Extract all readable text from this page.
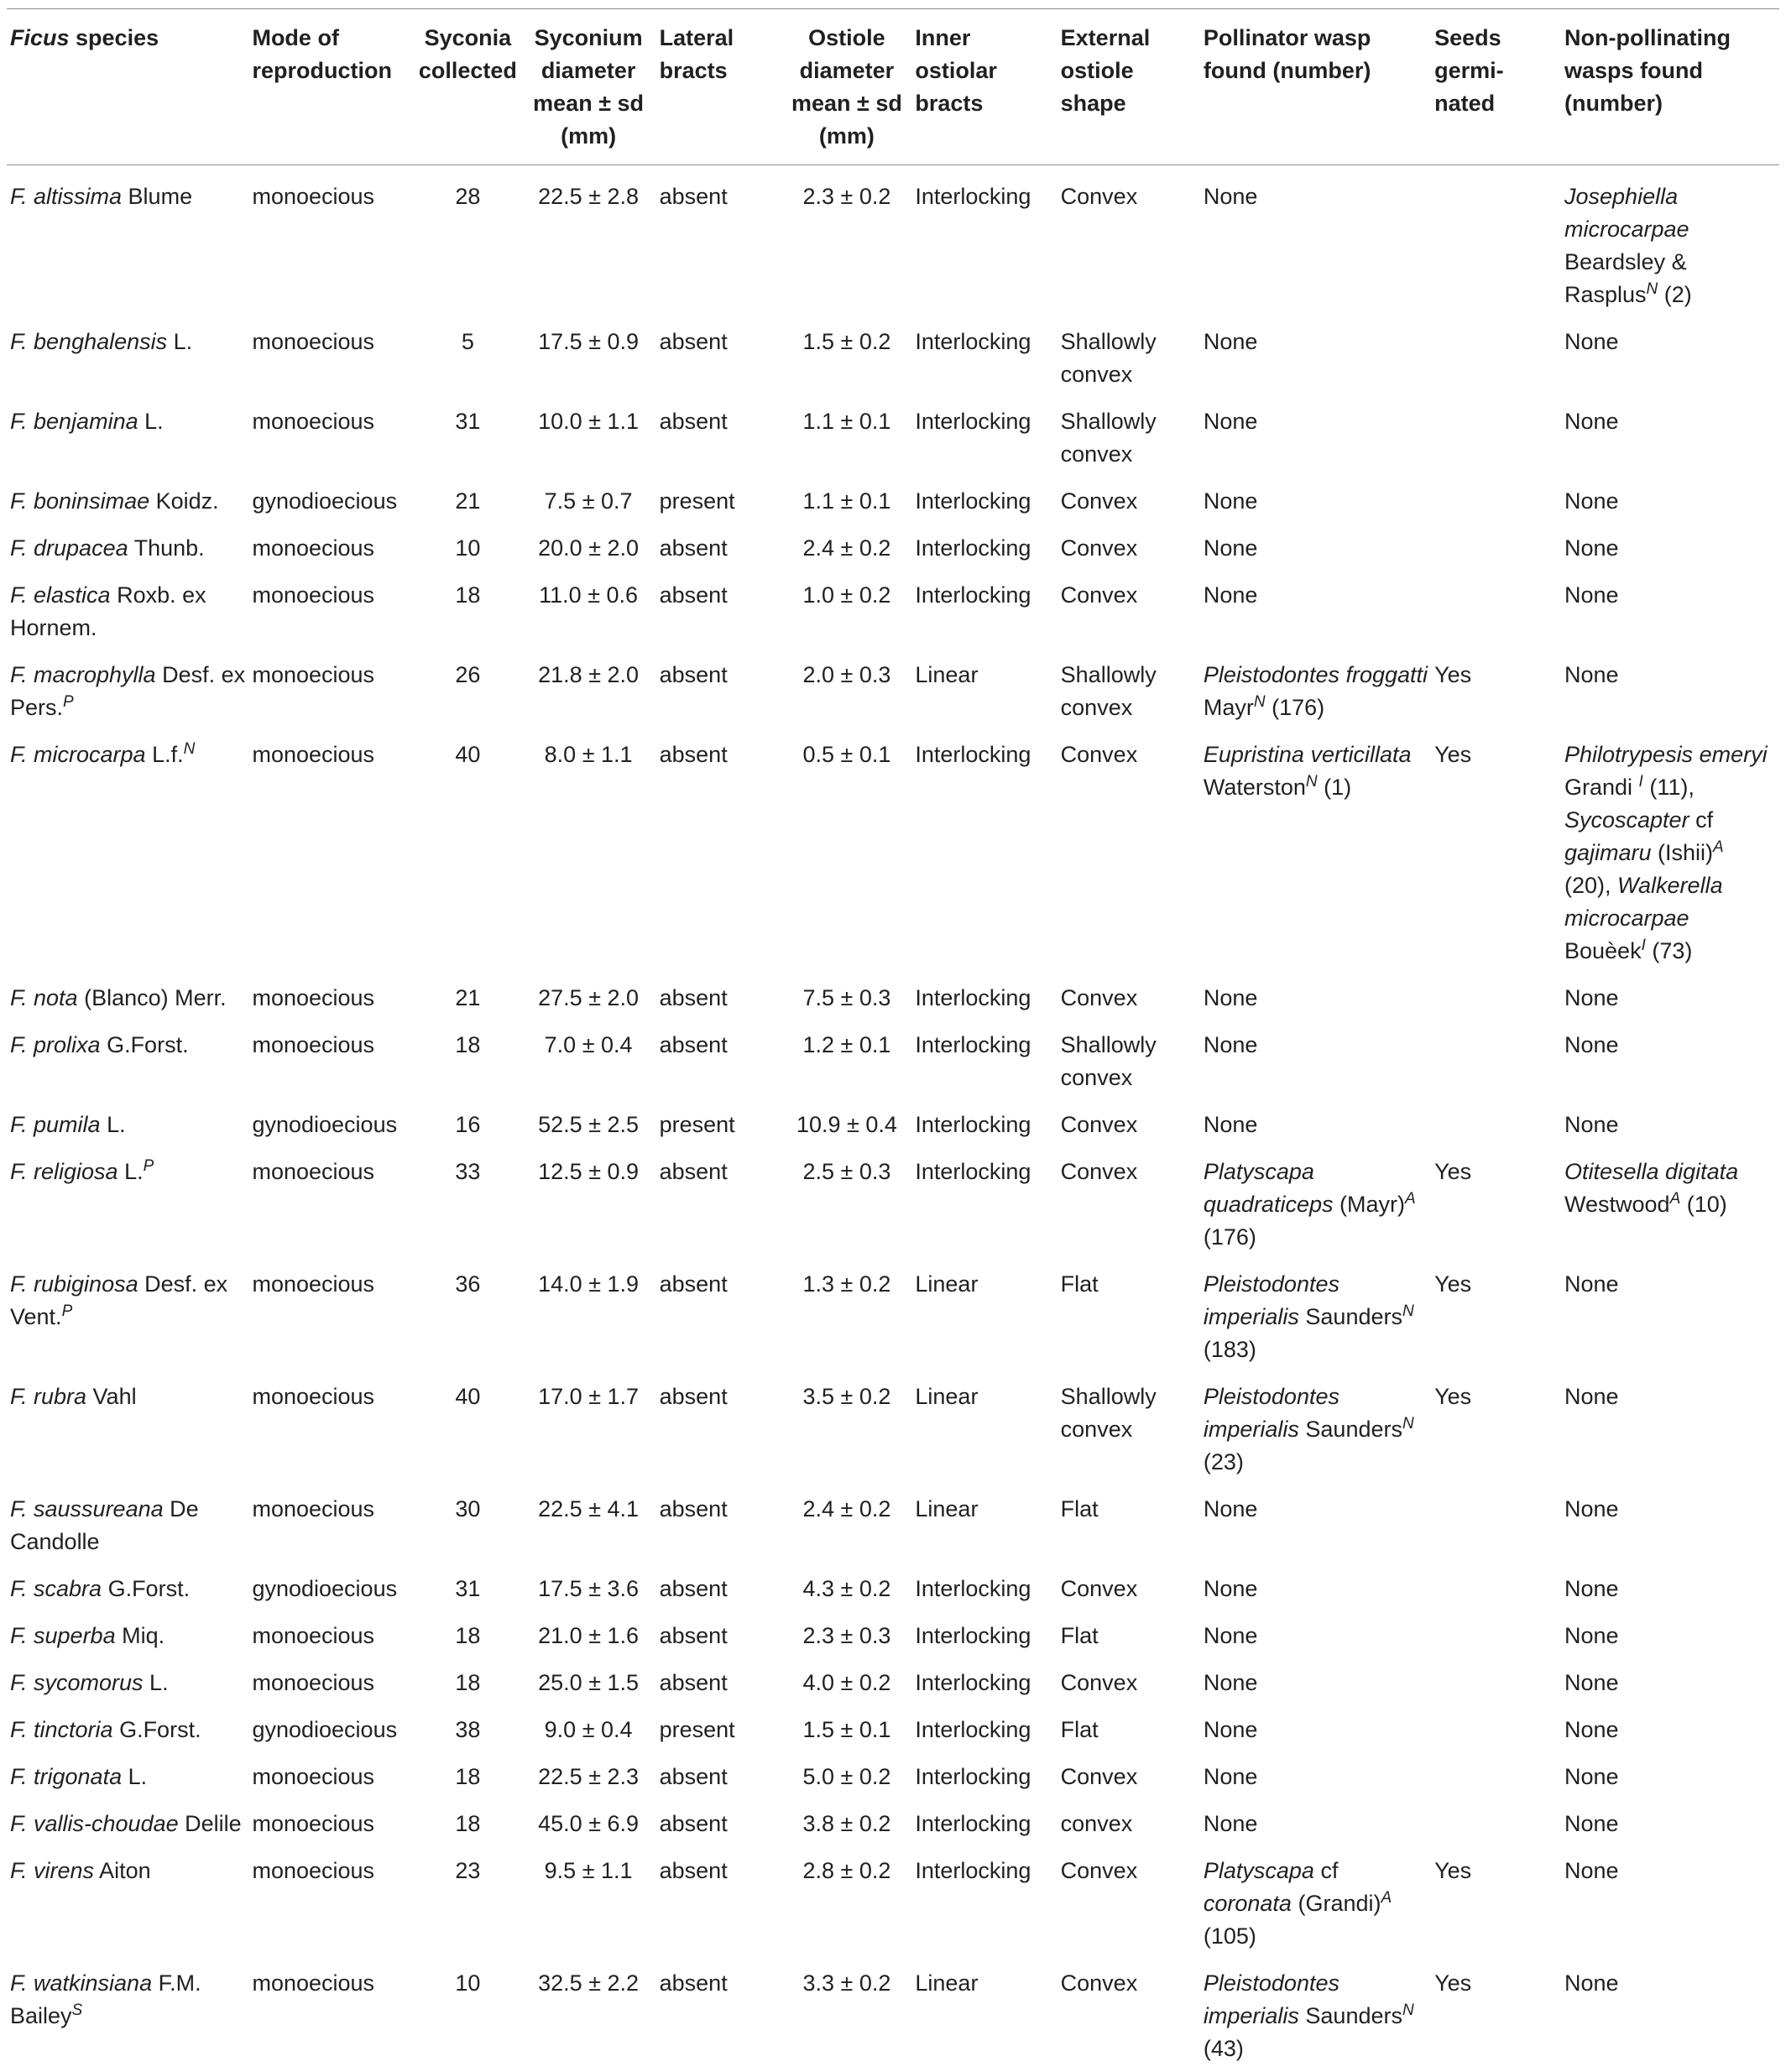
Ficus species	Mode of reproduction	Syconia collected	Syconium diameter mean ± sd (mm)	Lateral bracts	Ostiole diameter mean ± sd (mm)	Inner ostiolar bracts	External ostiole shape	Pollinator wasp found (number)	Seeds germi-nated	Non-pollinating wasps found (number)
F. altissima Blume	monoecious	28	22.5 ± 2.8	absent	2.3 ± 0.2	Interlocking	Convex	None		Josephiella microcarpae Beardsley & Rasplus$^N$ (2)
F. benghalensis L.	monoecious	5	17.5 ± 0.9	absent	1.5 ± 0.2	Interlocking	Shallowly convex	None		None
F. benjamina L.	monoecious	31	10.0 ± 1.1	absent	1.1 ± 0.1	Interlocking	Shallowly convex	None		None
F. boninsimae Koidz.	gynodioecious	21	7.5 ± 0.7	present	1.1 ± 0.1	Interlocking	Convex	None		None
F. drupacea Thunb.	monoecious	10	20.0 ± 2.0	absent	2.4 ± 0.2	Interlocking	Convex	None		None
F. elastica Roxb. ex Hornem.	monoecious	18	11.0 ± 0.6	absent	1.0 ± 0.2	Interlocking	Convex	None		None
F. macrophylla Desf. ex Pers.$^P$	monoecious	26	21.8 ± 2.0	absent	2.0 ± 0.3	Linear	Shallowly convex	Pleistodontes froggatti Mayr$^N$ (176)	Yes	None
F. microcarpa L.f.$^N$	monoecious	40	8.0 ± 1.1	absent	0.5 ± 0.1	Interlocking	Convex	Eupristina verticillata Waterston$^N$ (1)	Yes	Philotrypesis emeryi Grandi $^I$ (11), Sycoscapter cf gajimaru (Ishii)$^A$ (20), Walkerella microcarpae Bouèek$^I$ (73)
F. nota (Blanco) Merr.	monoecious	21	27.5 ± 2.0	absent	7.5 ± 0.3	Interlocking	Convex	None		None
F. prolixa G.Forst.	monoecious	18	7.0 ± 0.4	absent	1.2 ± 0.1	Interlocking	Shallowly convex	None		None
F. pumila L.	gynodioecious	16	52.5 ± 2.5	present	10.9 ± 0.4	Interlocking	Convex	None		None
F. religiosa L.$^P$	monoecious	33	12.5 ± 0.9	absent	2.5 ± 0.3	Interlocking	Convex	Platyscapa quadraticeps (Mayr)$^A$ (176)	Yes	Otitesella digitata Westwood$^A$ (10)
F. rubiginosa Desf. ex Vent.$^P$	monoecious	36	14.0 ± 1.9	absent	1.3 ± 0.2	Linear	Flat	Pleistodontes imperialis Saunders$^N$ (183)	Yes	None
F. rubra Vahl	monoecious	40	17.0 ± 1.7	absent	3.5 ± 0.2	Linear	Shallowly convex	Pleistodontes imperialis Saunders$^N$ (23)	Yes	None
F. saussureana De Candolle	monoecious	30	22.5 ± 4.1	absent	2.4 ± 0.2	Linear	Flat	None		None
F. scabra G.Forst.	gynodioecious	31	17.5 ± 3.6	absent	4.3 ± 0.2	Interlocking	Convex	None		None
F. superba Miq.	monoecious	18	21.0 ± 1.6	absent	2.3 ± 0.3	Interlocking	Flat	None		None
F. sycomorus L.	monoecious	18	25.0 ± 1.5	absent	4.0 ± 0.2	Interlocking	Convex	None		None
F. tinctoria G.Forst.	gynodioecious	38	9.0 ± 0.4	present	1.5 ± 0.1	Interlocking	Flat	None		None
F. trigonata L.	monoecious	18	22.5 ± 2.3	absent	5.0 ± 0.2	Interlocking	Convex	None		None
F. vallis-choudae Delile	monoecious	18	45.0 ± 6.9	absent	3.8 ± 0.2	Interlocking	convex	None		None
F. virens Aiton	monoecious	23	9.5 ± 1.1	absent	2.8 ± 0.2	Interlocking	Convex	Platyscapa cf coronata (Grandi)$^A$ (105)	Yes	None
F. watkinsiana F.M. Bailey$^S$	monoecious	10	32.5 ± 2.2	absent	3.3 ± 0.2	Linear	Convex	Pleistodontes imperialis Saunders$^N$ (43)	Yes	None
